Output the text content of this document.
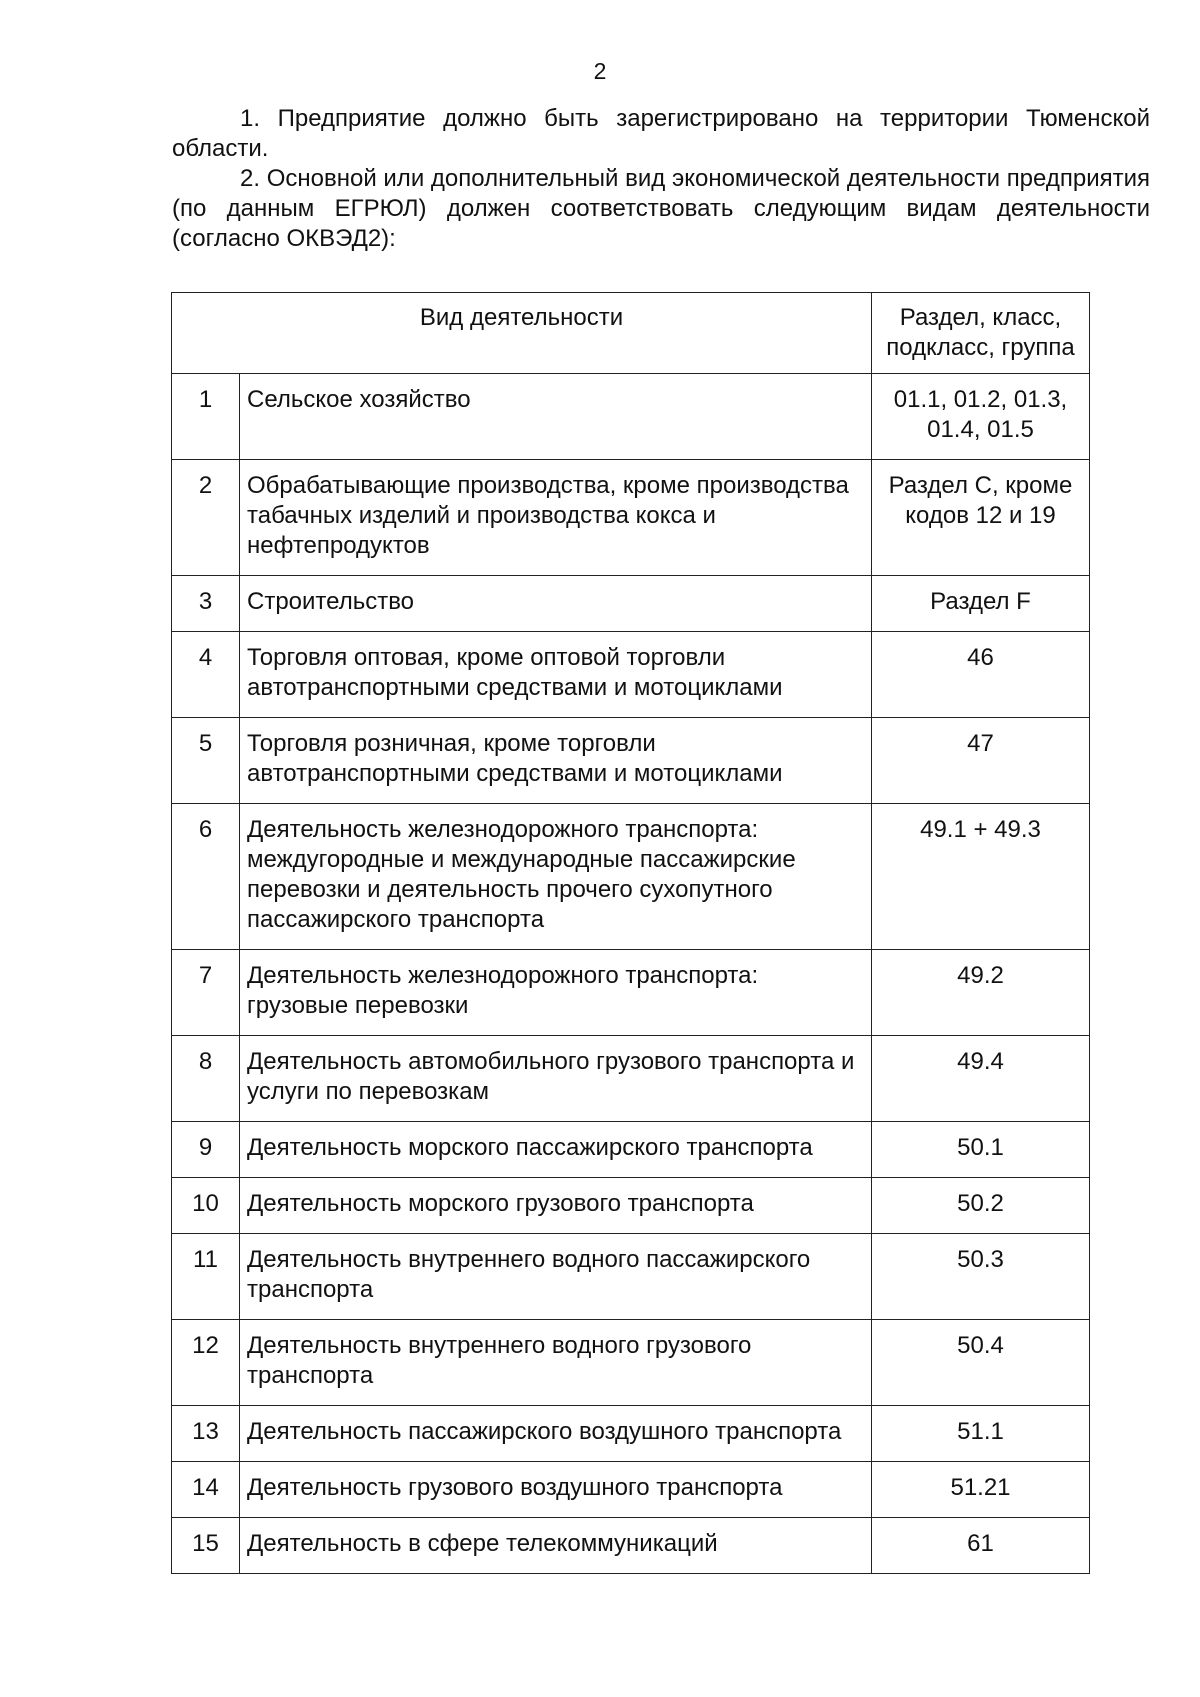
2

1. Предприятие должно быть зарегистрировано на территории Тюменской области.

2. Основной или дополнительный вид экономической деятельности предприятия (по данным ЕГРЮЛ) должен соответствовать следующим видам деятельности (согласно ОКВЭД2):

Вид деятельности		Раздел, класс, подкласс, группа
1	Сельское хозяйство	01.1, 01.2, 01.3, 01.4, 01.5
2	Обрабатывающие производства, кроме производства табачных изделий и производства кокса и нефтепродуктов	Раздел С, кроме кодов 12 и 19
3	Строительство	Раздел F
4	Торговля оптовая, кроме оптовой торговли автотранспортными средствами и мотоциклами	46
5	Торговля розничная, кроме торговли автотранспортными средствами и мотоциклами	47
6	Деятельность железнодорожного транспорта: междугородные и международные пассажирские перевозки и деятельность прочего сухопутного пассажирского транспорта	49.1 + 49.3
7	Деятельность железнодорожного транспорта: грузовые перевозки	49.2
8	Деятельность автомобильного грузового транспорта и услуги по перевозкам	49.4
9	Деятельность морского пассажирского транспорта	50.1
10	Деятельность морского грузового транспорта	50.2
11	Деятельность внутреннего водного пассажирского транспорта	50.3
12	Деятельность внутреннего водного грузового транспорта	50.4
13	Деятельность пассажирского воздушного транспорта	51.1
14	Деятельность грузового воздушного транспорта	51.21
15	Деятельность в сфере телекоммуникаций	61
